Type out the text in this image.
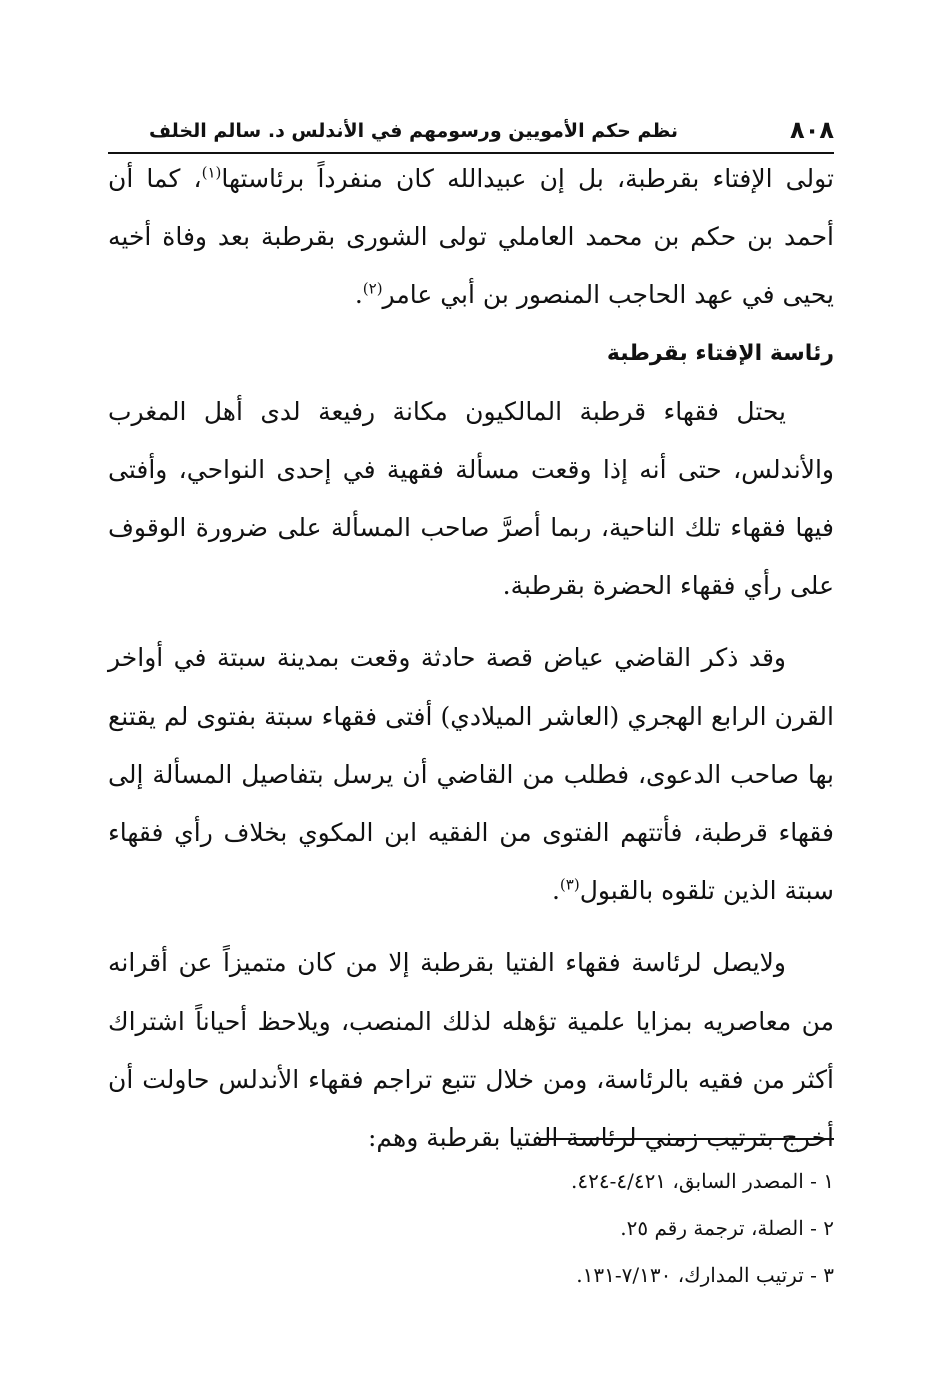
٨٠٨
نظم حكم الأمويين ورسومهم في الأندلس د. سالم الخلف

تولى الإفتاء بقرطبة، بل إن عبيدالله كان منفرداً برئاستها$^{(١)}$، كما أن أحمد بن حكم بن محمد العاملي تولى الشورى بقرطبة بعد وفاة أخيه يحيى في عهد الحاجب المنصور بن أبي عامر$^{(٢)}$.

رئاسة الإفتاء بقرطبة

يحتل فقهاء قرطبة المالكيون مكانة رفيعة لدى أهل المغرب والأندلس، حتى أنه إذا وقعت مسألة فقهية في إحدى النواحي، وأفتى فيها فقهاء تلك الناحية، ربما أصرَّ صاحب المسألة على ضرورة الوقوف على رأي فقهاء الحضرة بقرطبة.

وقد ذكر القاضي عياض قصة حادثة وقعت بمدينة سبتة في أواخر القرن الرابع الهجري (العاشر الميلادي) أفتى فقهاء سبتة بفتوى لم يقتنع بها صاحب الدعوى، فطلب من القاضي أن يرسل بتفاصيل المسألة إلى فقهاء قرطبة، فأتتهم الفتوى من الفقيه ابن المكوي بخلاف رأي فقهاء سبتة الذين تلقوه بالقبول$^{(٣)}$.

ولايصل لرئاسة فقهاء الفتيا بقرطبة إلا من كان متميزاً عن أقرانه من معاصريه بمزايا علمية تؤهله لذلك المنصب، ويلاحظ أحياناً اشتراك أكثر من فقيه بالرئاسة، ومن خلال تتبع تراجم فقهاء الأندلس حاولت أن أخرج بترتيب زمني لرئاسة الفتيا بقرطبة وهم:

١ - المصدر السابق، ٤/٤٢١-٤٢٤.
٢ - الصلة، ترجمة رقم ٢٥.
٣ - ترتيب المدارك، ٧/١٣٠-١٣١.
